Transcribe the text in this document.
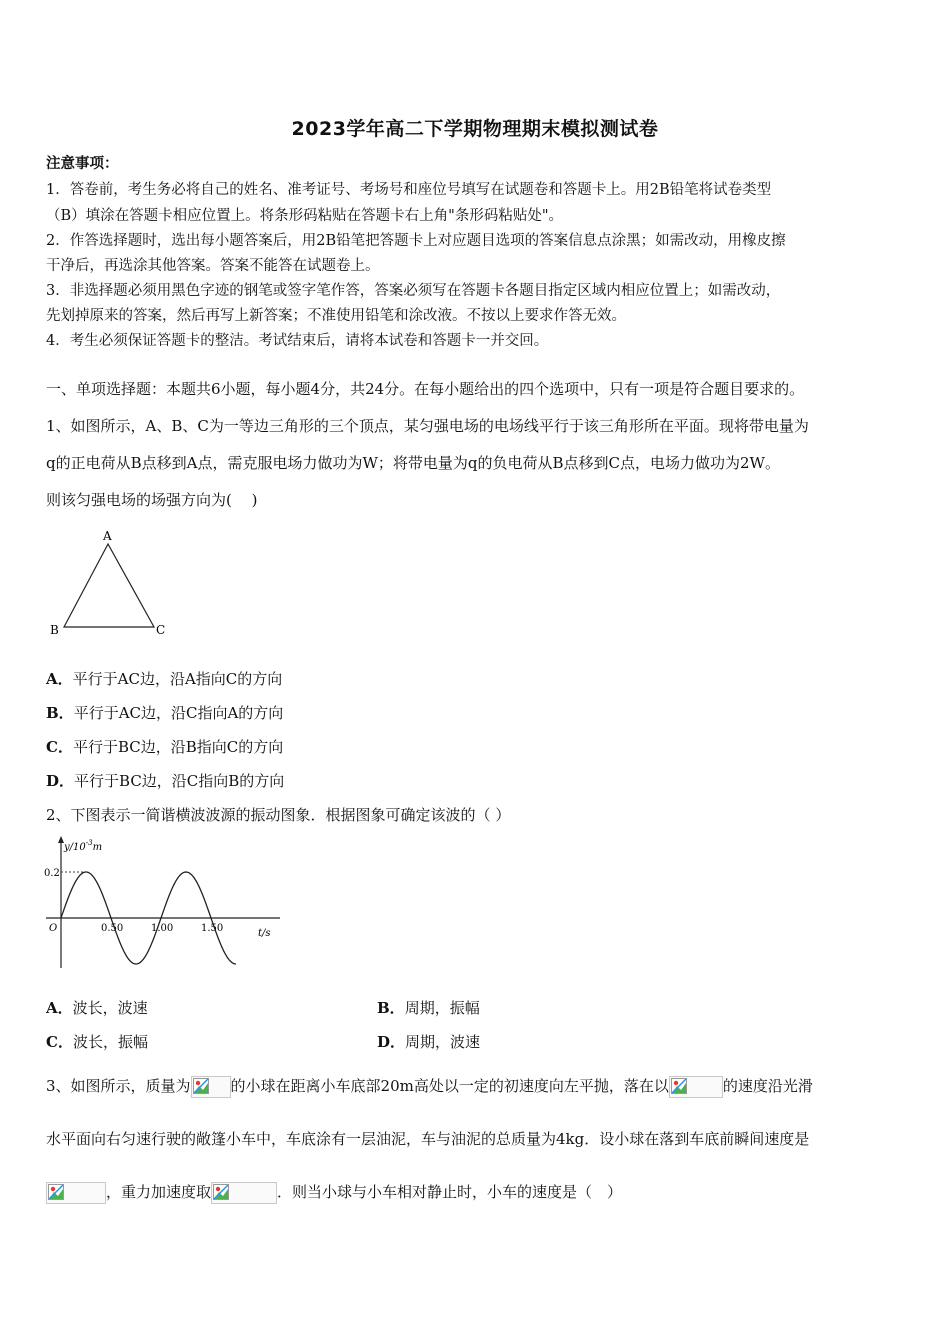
2023学年高二下学期物理期末模拟测试卷
注意事项：
1．答卷前，考生务必将自己的姓名、准考证号、考场号和座位号填写在试题卷和答题卡上。用2B铅笔将试卷类型
（B）填涂在答题卡相应位置上。将条形码粘贴在答题卡右上角"条形码粘贴处"。
2．作答选择题时，选出每小题答案后，用2B铅笔把答题卡上对应题目选项的答案信息点涂黑；如需改动，用橡皮擦
干净后，再选涂其他答案。答案不能答在试题卷上。
3．非选择题必须用黑色字迹的钢笔或签字笔作答，答案必须写在答题卡各题目指定区域内相应位置上；如需改动，
先划掉原来的答案，然后再写上新答案；不准使用铅笔和涂改液。不按以上要求作答无效。
4．考生必须保证答题卡的整洁。考试结束后，请将本试卷和答题卡一并交回。
一、单项选择题：本题共6小题，每小题4分，共24分。在每小题给出的四个选项中，只有一项是符合题目要求的。
1、如图所示，A、B、C为一等边三角形的三个顶点，某匀强电场的电场线平行于该三角形所在平面。现将带电量为
q的正电荷从B点移到A点，需克服电场力做功为W；将带电量为q的负电荷从B点移到C点，电场力做功为2W。
则该匀强电场的场强方向为(　 )
A
B	C
A．平行于AC边，沿A指向C的方向
B．平行于AC边，沿C指向A的方向
C．平行于BC边，沿B指向C的方向
D．平行于BC边，沿C指向B的方向
2、下图表示一简谐横波波源的振动图象．根据图象可确定该波的（ ）
$y/10^{-3}m$
0.2
O	0.50	1.00	1.50	t/s
A．波长，波速	B．周期，振幅
C．波长，振幅	D．周期，波速
3、如图所示，质量为	的小球在距离小车底部20m高处以一定的初速度向左平抛，落在以	的速度沿光滑
水平面向右匀速行驶的敞篷小车中，车底涂有一层油泥，车与油泥的总质量为4kg．设小球在落到车底前瞬间速度是
，重力加速度取	．则当小球与小车相对静止时，小车的速度是（　）
